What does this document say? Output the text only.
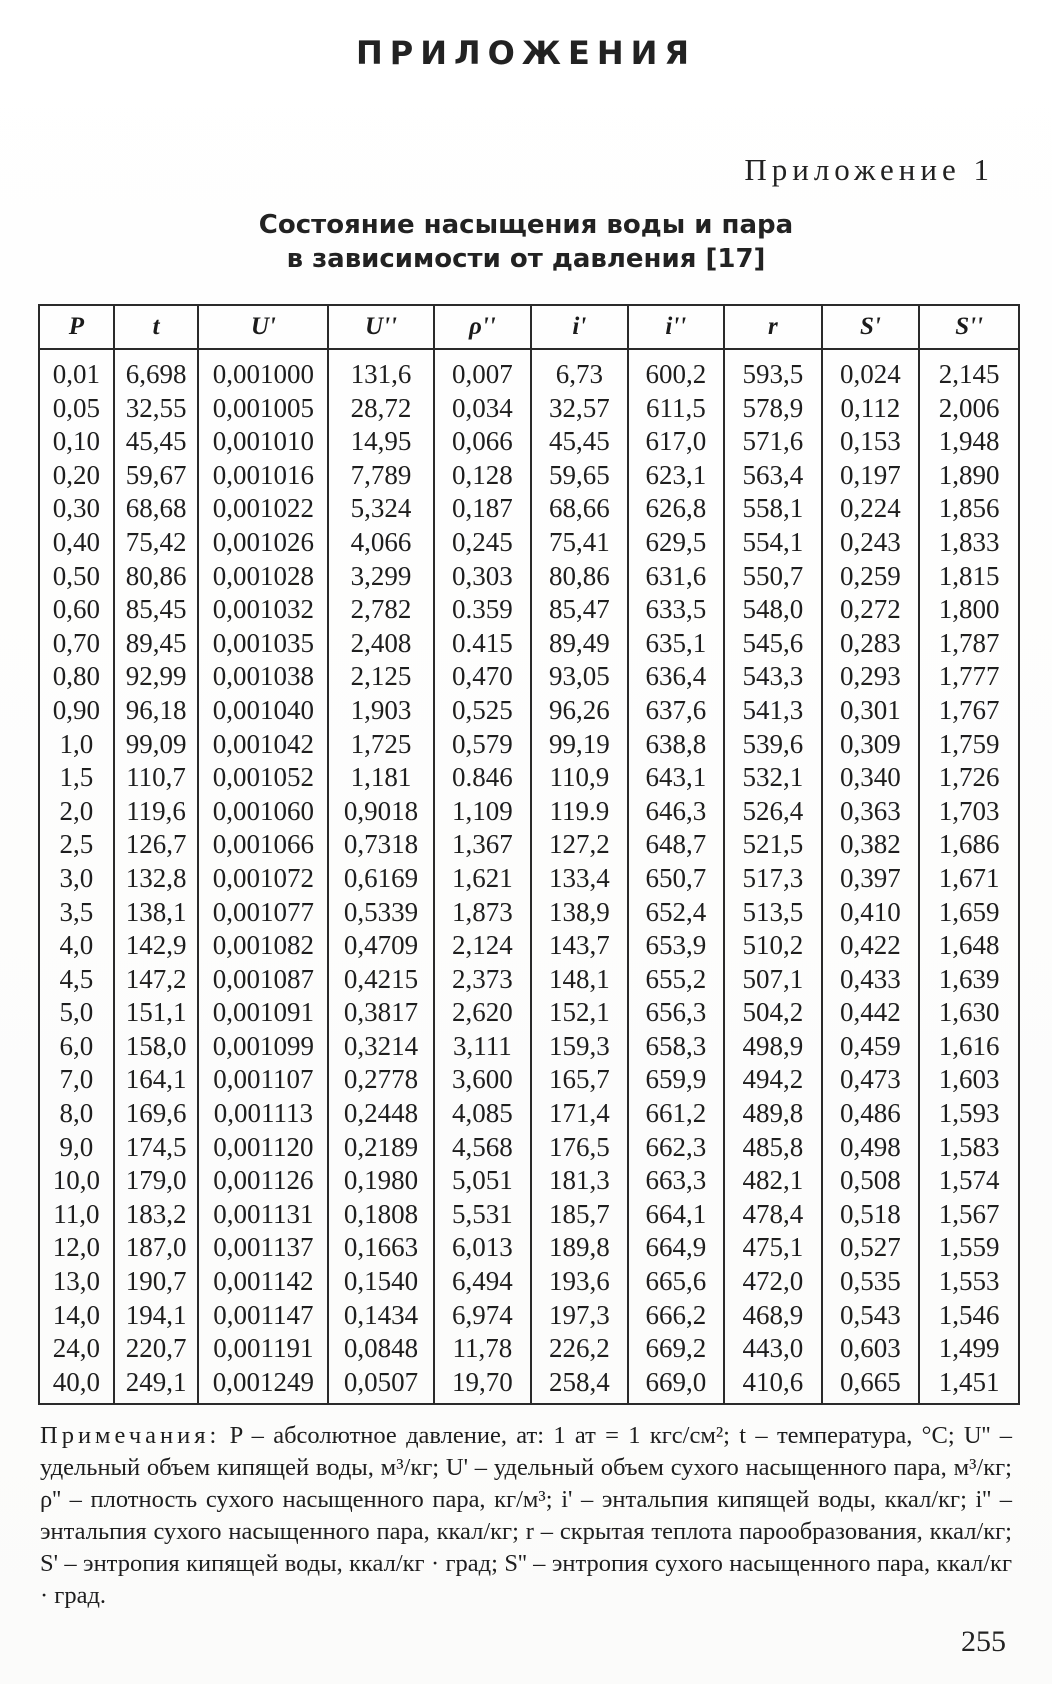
ПРИЛОЖЕНИЯ
Приложение 1
Состояние насыщения воды и пара
в зависимости от давления [17]
P	t	U'	U''	ρ''	i'	i''	r	S'	S''
0,01	6,698	0,001000	131,6	0,007	6,73	600,2	593,5	0,024	2,145
0,05	32,55	0,001005	28,72	0,034	32,57	611,5	578,9	0,112	2,006
0,10	45,45	0,001010	14,95	0,066	45,45	617,0	571,6	0,153	1,948
0,20	59,67	0,001016	7,789	0,128	59,65	623,1	563,4	0,197	1,890
0,30	68,68	0,001022	5,324	0,187	68,66	626,8	558,1	0,224	1,856
0,40	75,42	0,001026	4,066	0,245	75,41	629,5	554,1	0,243	1,833
0,50	80,86	0,001028	3,299	0,303	80,86	631,6	550,7	0,259	1,815
0,60	85,45	0,001032	2,782	0.359	85,47	633,5	548,0	0,272	1,800
0,70	89,45	0,001035	2,408	0.415	89,49	635,1	545,6	0,283	1,787
0,80	92,99	0,001038	2,125	0,470	93,05	636,4	543,3	0,293	1,777
0,90	96,18	0,001040	1,903	0,525	96,26	637,6	541,3	0,301	1,767
1,0	99,09	0,001042	1,725	0,579	99,19	638,8	539,6	0,309	1,759
1,5	110,7	0,001052	1,181	0.846	110,9	643,1	532,1	0,340	1,726
2,0	119,6	0,001060	0,9018	1,109	119.9	646,3	526,4	0,363	1,703
2,5	126,7	0,001066	0,7318	1,367	127,2	648,7	521,5	0,382	1,686
3,0	132,8	0,001072	0,6169	1,621	133,4	650,7	517,3	0,397	1,671
3,5	138,1	0,001077	0,5339	1,873	138,9	652,4	513,5	0,410	1,659
4,0	142,9	0,001082	0,4709	2,124	143,7	653,9	510,2	0,422	1,648
4,5	147,2	0,001087	0,4215	2,373	148,1	655,2	507,1	0,433	1,639
5,0	151,1	0,001091	0,3817	2,620	152,1	656,3	504,2	0,442	1,630
6,0	158,0	0,001099	0,3214	3,111	159,3	658,3	498,9	0,459	1,616
7,0	164,1	0,001107	0,2778	3,600	165,7	659,9	494,2	0,473	1,603
8,0	169,6	0,001113	0,2448	4,085	171,4	661,2	489,8	0,486	1,593
9,0	174,5	0,001120	0,2189	4,568	176,5	662,3	485,8	0,498	1,583
10,0	179,0	0,001126	0,1980	5,051	181,3	663,3	482,1	0,508	1,574
11,0	183,2	0,001131	0,1808	5,531	185,7	664,1	478,4	0,518	1,567
12,0	187,0	0,001137	0,1663	6,013	189,8	664,9	475,1	0,527	1,559
13,0	190,7	0,001142	0,1540	6,494	193,6	665,6	472,0	0,535	1,553
14,0	194,1	0,001147	0,1434	6,974	197,3	666,2	468,9	0,543	1,546
24,0	220,7	0,001191	0,0848	11,78	226,2	669,2	443,0	0,603	1,499
40,0	249,1	0,001249	0,0507	19,70	258,4	669,0	410,6	0,665	1,451
Примечания: P – абсолютное давление, ат: 1 ат = 1 кгс/см²; t – температура, °C; U'' – удельный объем кипящей воды, м³/кг; U' – удельный объем сухого насыщенного пара, м³/кг; ρ'' – плотность сухого насыщенного пара, кг/м³; i' – энтальпия кипящей воды, ккал/кг; i'' – энтальпия сухого насыщенного пара, ккал/кг; r – скрытая теплота парообразования, ккал/кг; S' – энтропия кипящей воды, ккал/кг · град; S'' – энтропия сухого насыщенного пара, ккал/кг · град.
255
